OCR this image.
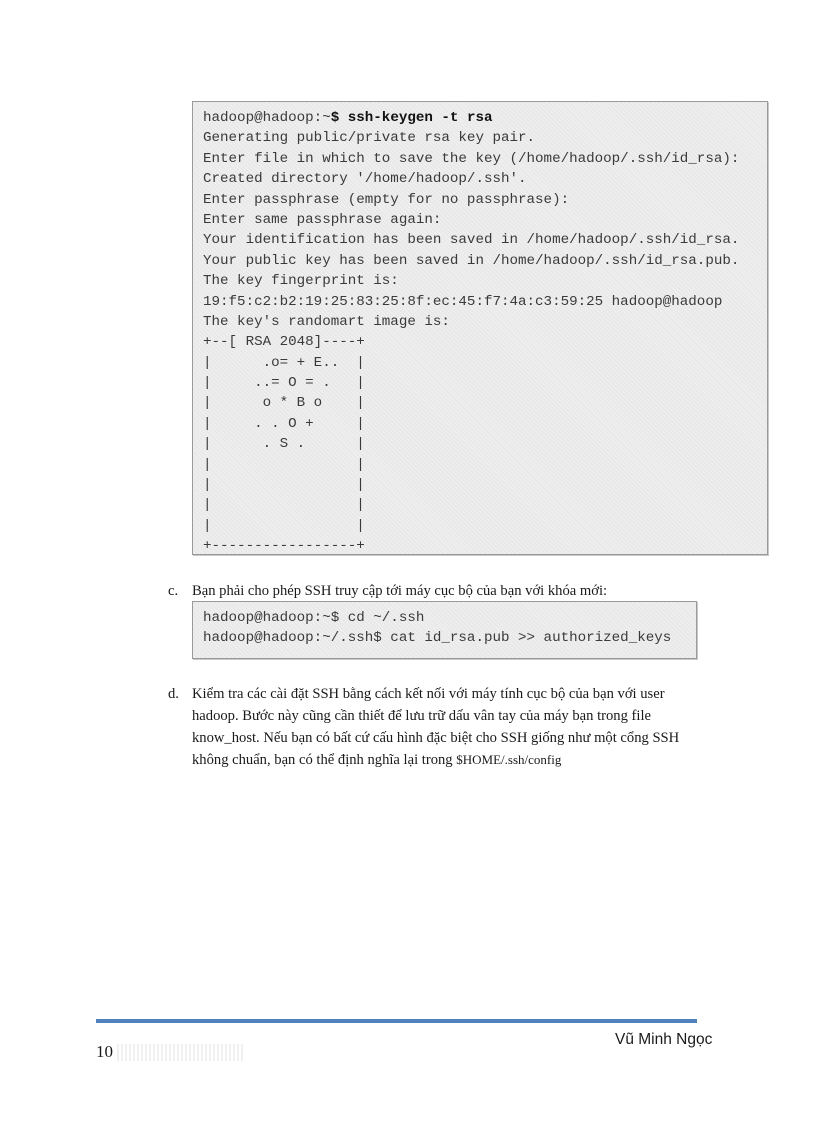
hadoop@hadoop:~$ ssh-keygen -t rsa
Generating public/private rsa key pair.
Enter file in which to save the key (/home/hadoop/.ssh/id_rsa):
Created directory '/home/hadoop/.ssh'.
Enter passphrase (empty for no passphrase):
Enter same passphrase again:
Your identification has been saved in /home/hadoop/.ssh/id_rsa.
Your public key has been saved in /home/hadoop/.ssh/id_rsa.pub.
The key fingerprint is:
19:f5:c2:b2:19:25:83:25:8f:ec:45:f7:4a:c3:59:25 hadoop@hadoop
The key's randomart image is:
+--[ RSA 2048]----+
|      .o= + E..  |
|     ..= O = .   |
|      o * B o    |
|     . . O +     |
|      . S .      |
|                 |
|                 |
|                 |
|                 |
+-----------------+
c. Bạn phải cho phép SSH truy cập tới máy cục bộ của bạn với khóa mới:
hadoop@hadoop:~$ cd ~/.ssh
hadoop@hadoop:~/.ssh$ cat id_rsa.pub >> authorized_keys
d. Kiểm tra các cài đặt SSH bằng cách kết nối với máy tính cục bộ của bạn với user
hadoop. Bước này cũng cần thiết để lưu trữ dấu vân tay của máy bạn trong file
know_host. Nếu bạn có bất cứ cấu hình đặc biệt cho SSH giống như một cổng SSH
không chuẩn, bạn có thể định nghĩa lại trong $HOME/.ssh/config
10
Vũ Minh Ngọc
